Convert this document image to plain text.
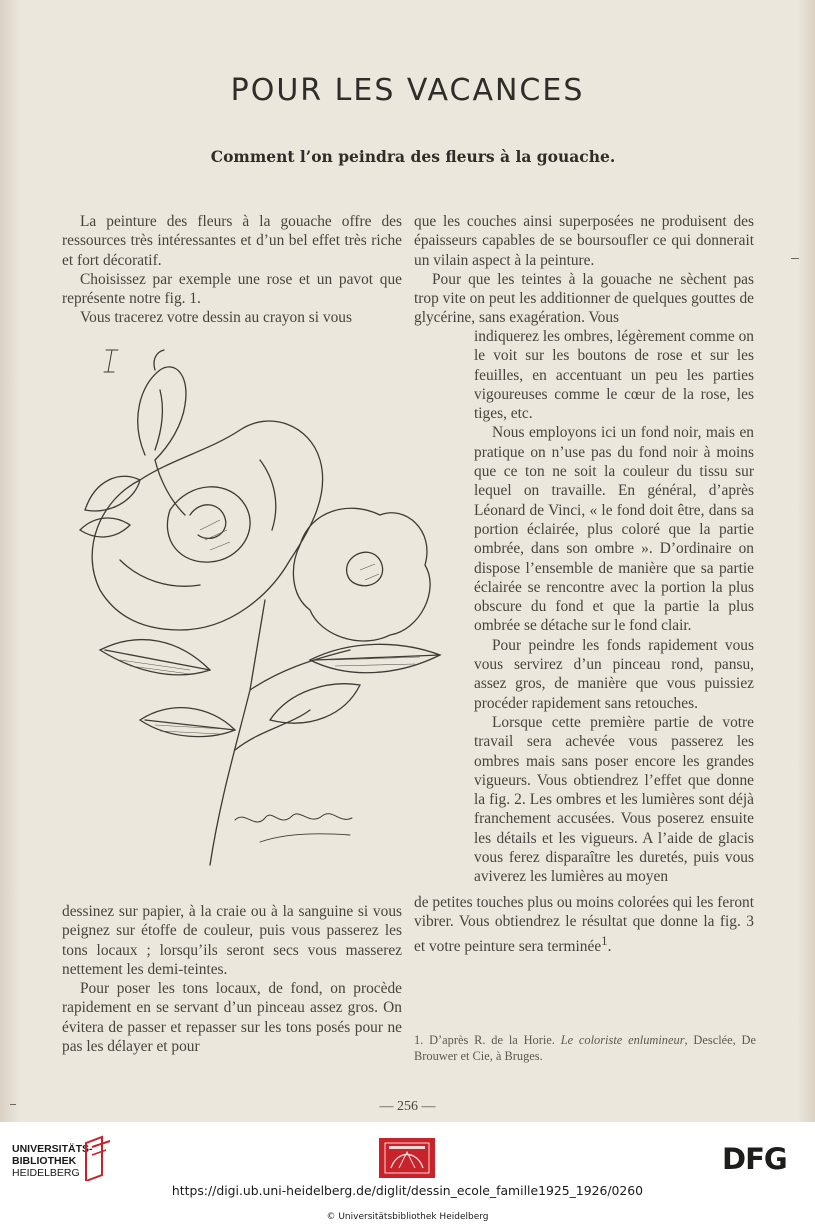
POUR LES VACANCES
Comment l’on peindra des fleurs à la gouache.

La peinture des fleurs à la gouache offre des ressources très intéressantes et d’un bel effet très riche et fort décoratif.

Choisissez par exemple une rose et un pavot que représente notre fig. 1.

Vous tracerez votre dessin au crayon si vous

dessinez sur papier, à la craie ou à la sanguine si vous peignez sur étoffe de couleur, puis vous passerez les tons locaux ; lorsqu’ils seront secs vous masserez nettement les demi-teintes.

Pour poser les tons locaux, de fond, on procède rapidement en se servant d’un pinceau assez gros. On évitera de passer et repasser sur les tons posés pour ne pas les délayer et pour

que les couches ainsi superposées ne produisent des épaisseurs capables de se boursoufler ce qui donnerait un vilain aspect à la peinture.

Pour que les teintes à la gouache ne sèchent pas trop vite on peut les additionner de quelques gouttes de glycérine, sans exagération. Vous

indiquerez les ombres, légèrement comme on le voit sur les boutons de rose et sur les feuilles, en accentuant un peu les parties vigoureuses comme le cœur de la rose, les tiges, etc.

Nous employons ici un fond noir, mais en pratique on n’use pas du fond noir à moins que ce ton ne soit la couleur du tissu sur lequel on travaille. En général, d’après Léonard de Vinci, « le fond doit être, dans sa portion éclairée, plus coloré que la partie ombrée, dans son ombre ». D’ordinaire on dispose l’ensemble de manière que sa partie éclairée se rencontre avec la portion la plus obscure du fond et que la partie la plus ombrée se détache sur le fond clair.

Pour peindre les fonds rapidement vous vous servirez d’un pinceau rond, pansu, assez gros, de manière que vous puissiez procéder rapidement sans retouches.

Lorsque cette première partie de votre travail sera achevée vous passerez les ombres mais sans poser encore les grandes vigueurs. Vous obtiendrez l’effet que donne la fig. 2. Les ombres et les lumières sont déjà franchement accusées. Vous poserez ensuite les détails et les vigueurs. A l’aide de glacis vous ferez disparaître les duretés, puis vous aviverez les lumières au moyen

de petites touches plus ou moins colorées qui les feront vibrer. Vous obtiendrez le résultat que donne la fig. 3 et votre peinture sera terminée$^1$.

1. D’après R. de la Horie. Le coloriste enlumineur, Desclée, De Brouwer et Cie, à Bruges.
— 256 —
UNIVERSITÄTS-
BIBLIOTHEK
HEIDELBERG	DFG
https://digi.ub.uni-heidelberg.de/diglit/dessin_ecole_famille1925_1926/0260
© Universitätsbibliothek Heidelberg
